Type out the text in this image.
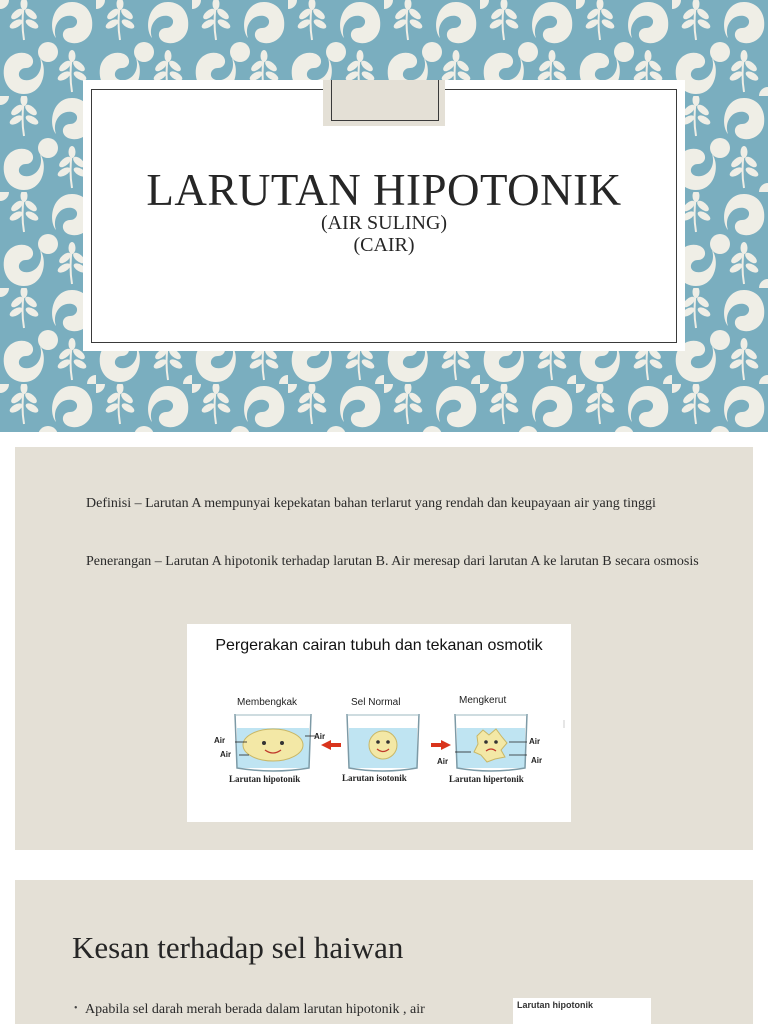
LARUTAN HIPOTONIK
(AIR SULING)
(CAIR)
Definisi – Larutan A mempunyai kepekatan bahan terlarut yang rendah dan keupayaan air yang tinggi
Penerangan – Larutan A hipotonik terhadap larutan B. Air meresap dari larutan A ke larutan B secara osmosis
Pergerakan cairan tubuh dan tekanan osmotik
Membengkak	Sel Normal	Mengkerut
Air	Air
Air
Air
Air
Air
Larutan hipotonik	Larutan isotonik	Larutan hipertonik
Kesan terhadap sel haiwan
• Apabila sel darah merah berada dalam larutan hipotonik , air	Larutan hipotonik
